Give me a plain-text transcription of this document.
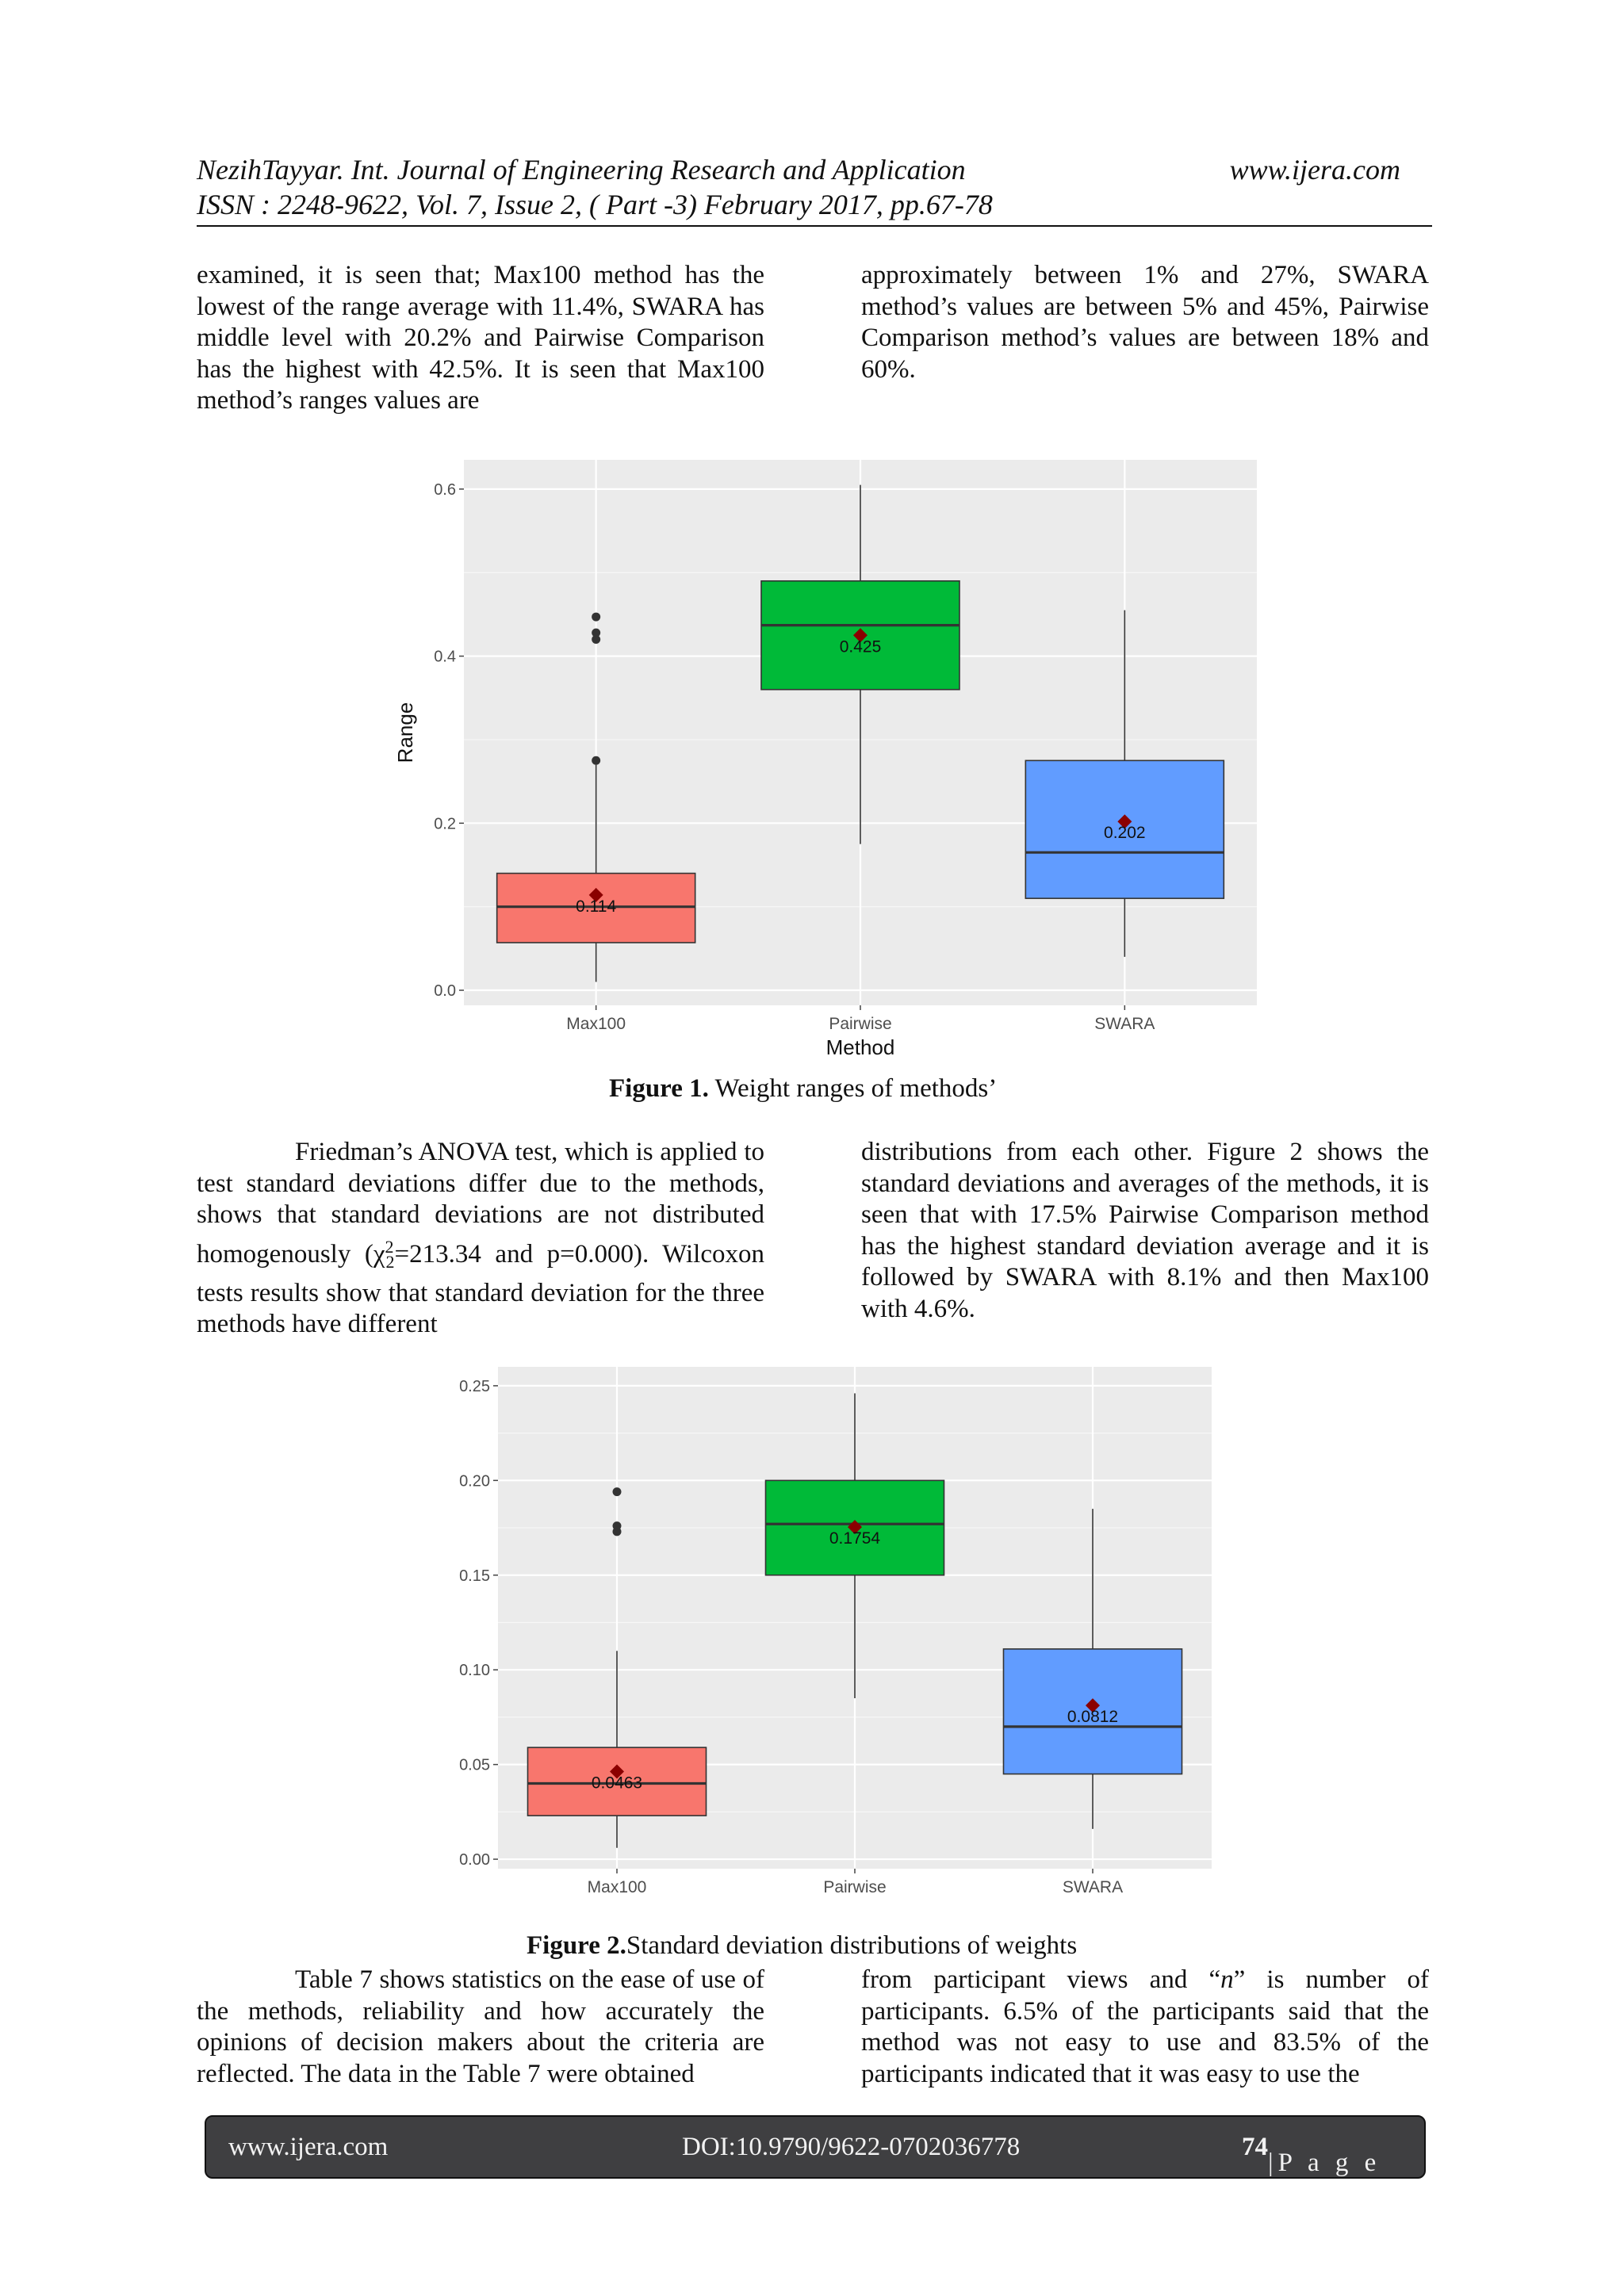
NezihTayyar. Int. Journal of Engineering Research and Application	www.ijera.com
ISSN : 2248-9622, Vol. 7, Issue 2, ( Part -3) February 2017, pp.67-78

examined, it is seen that; Max100 method has the lowest of the range average with 11.4%, SWARA has middle level with 20.2% and Pairwise Comparison has the highest with 42.5%. It is seen that Max100 method’s ranges values are

approximately between 1% and 27%, SWARA method’s values are between 5% and 45%, Pairwise Comparison method’s values are between 18% and 60%.

0.0
0.2
0.4
0.6
Max100	Pairwise	SWARA
0.114
0.425
0.202
Method
Range
Figure 1. Weight ranges of methods’

Friedman’s ANOVA test, which is applied to test standard deviations differ due to the methods, shows that standard deviations are not distributed homogenously ($\chi^2_2=213.34$ and p=0.000). Wilcoxon tests results show that standard deviation for the three methods have different

distributions from each other. Figure 2 shows the standard deviations and averages of the methods, it is seen that with 17.5% Pairwise Comparison method has the highest standard deviation average and it is followed by SWARA with 8.1% and then Max100 with 4.6%.

0.00
0.05
0.10
0.15
0.20
0.25
Max100	Pairwise	SWARA
0.0463
0.1754
0.0812
Figure 2.Standard deviation distributions of weights

Table 7 shows statistics on the ease of use of the methods, reliability and how accurately the opinions of decision makers about the criteria are reflected. The data in the Table 7 were obtained

from participant views and “n” is number of participants. 6.5% of the participants said that the method was not easy to use and 83.5% of the participants indicated that it was easy to use the

www.ijera.com	DOI:10.9790/9622-0702036778	74
|P a g e
